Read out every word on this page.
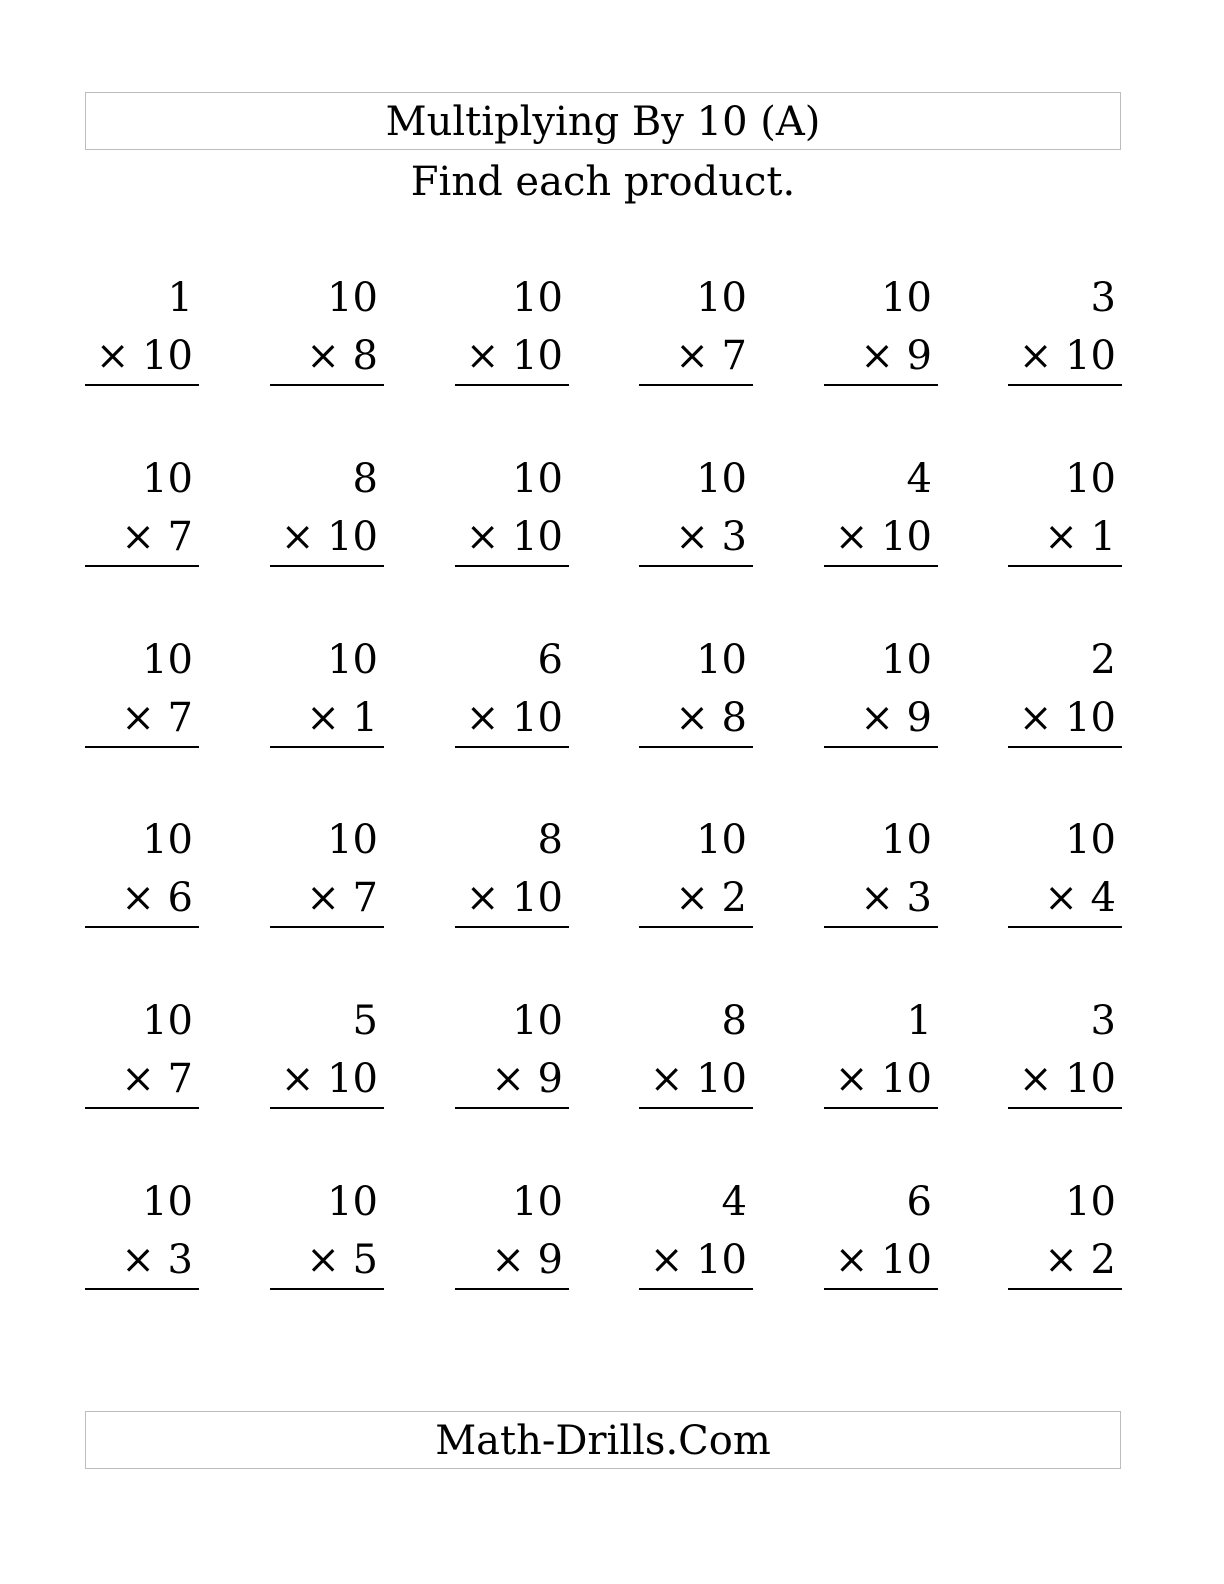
Multiplying By 10 (A)
Find each product.
1
× 10
10
× 8
10
× 10
10
× 7
10
× 9
3
× 10
10
× 7
8
× 10
10
× 10
10
× 3
4
× 10
10
× 1
10
× 7
10
× 1
6
× 10
10
× 8
10
× 9
2
× 10
10
× 6
10
× 7
8
× 10
10
× 2
10
× 3
10
× 4
10
× 7
5
× 10
10
× 9
8
× 10
1
× 10
3
× 10
10
× 3
10
× 5
10
× 9
4
× 10
6
× 10
10
× 2
Math-Drills.Com
